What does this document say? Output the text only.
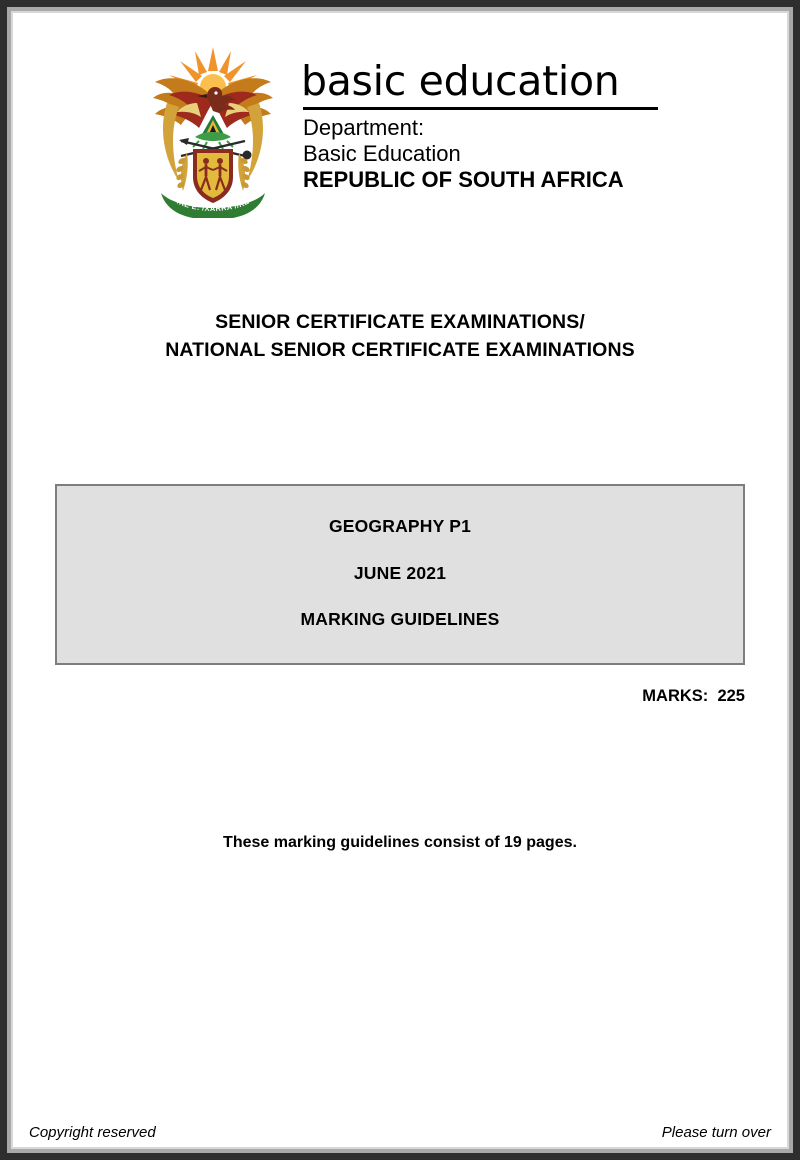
!KE E: /XARRA //KE
basic education
Department:
Basic Education
REPUBLIC OF SOUTH AFRICA
SENIOR CERTIFICATE EXAMINATIONS/
NATIONAL SENIOR CERTIFICATE EXAMINATIONS
GEOGRAPHY P1
JUNE 2021
MARKING GUIDELINES
MARKS:  225
These marking guidelines consist of 19 pages.
Copyright reserved	Please turn over
